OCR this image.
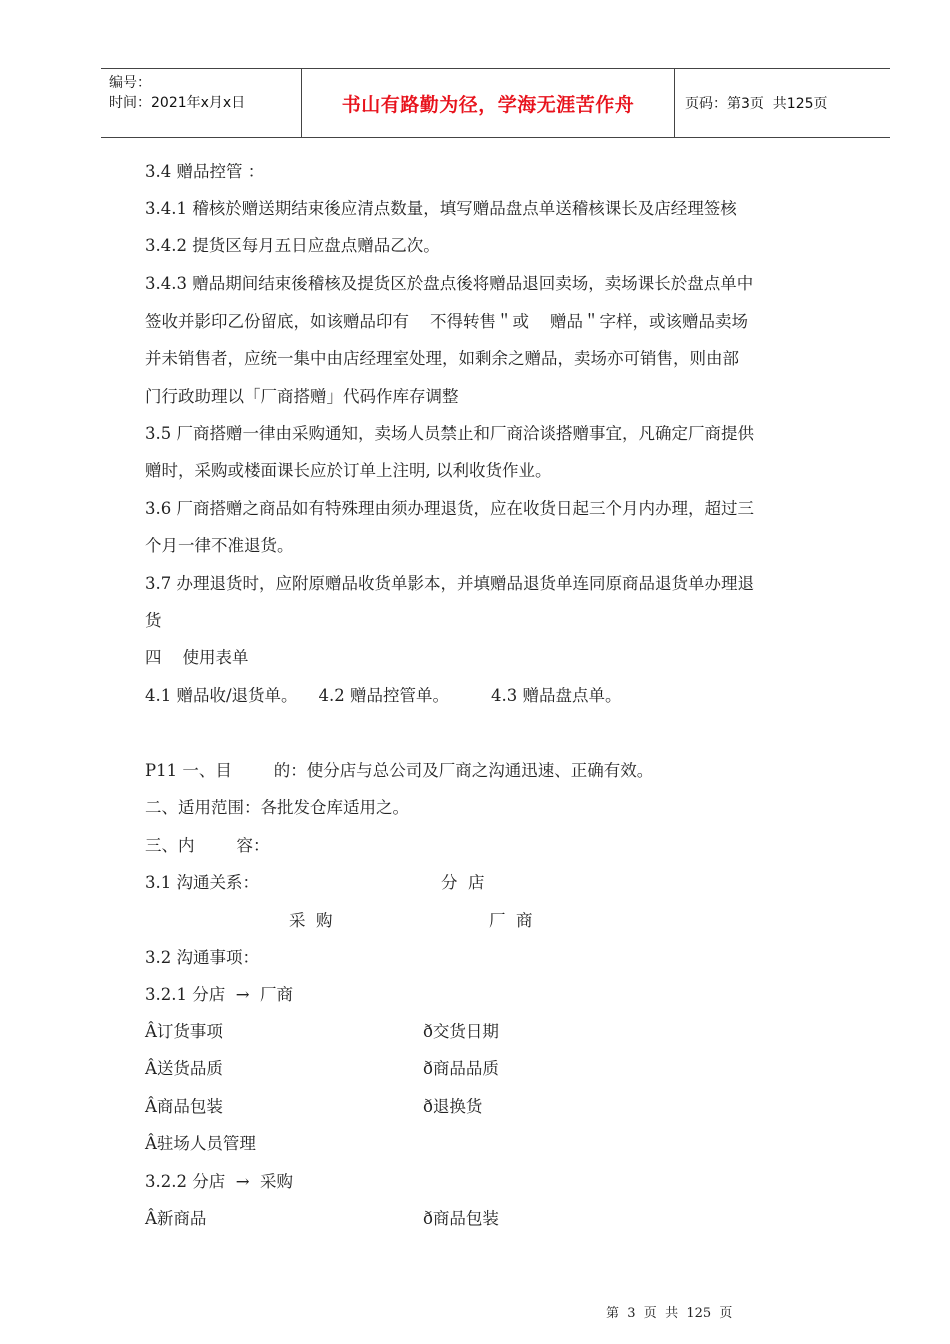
编号：
时间：2021年x月x日	书山有路勤为径，学海无涯苦作舟	页码：第3页  共125页
3.4 赠品控管 ：
3.4.1 稽核於赠送期结束後应清点数量，填写赠品盘点单送稽核课长及店经理签核
3.4.2 提货区每月五日应盘点赠品乙次。
3.4.3 赠品期间结束後稽核及提货区於盘点後将赠品退回卖场，卖场课长於盘点单中
签收并影印乙份留底，如该赠品印有    不得转售＂或    赠品＂字样，或该赠品卖场
并未销售者，应统一集中由店经理室处理，如剩余之赠品，卖场亦可销售，则由部
门行政助理以「厂商搭赠」代码作库存调整
3.5 厂商搭赠一律由采购通知，卖场人员禁止和厂商洽谈搭赠事宜，凡确定厂商提供
赠时，采购或楼面课长应於订单上注明, 以利收货作业。
3.6 厂商搭赠之商品如有特殊理由须办理退货，应在收货日起三个月内办理，超过三
个月一律不准退货。
3.7 办理退货时，应附原赠品收货单影本，并填赠品退货单连同原商品退货单办理退
货
四    使用表单
4.1 赠品收/退货单。    4.2 赠品控管单。        4.3 赠品盘点单。
P11 一、目        的：使分店与总公司及厂商之沟通迅速、正确有效。
二、适用范围：各批发仓库适用之。
三、内        容：
3.1 沟通关系：	分  店
采  购	厂  商
3.2 沟通事项：
3.2.1 分店  →  厂商
Â订货事项	ð交货日期
Â送货品质	ð商品品质
Â商品包装	ð退换货
Â驻场人员管理
3.2.2 分店  →  采购
Â新商品	ð商品包装
第  3  页  共  125  页
